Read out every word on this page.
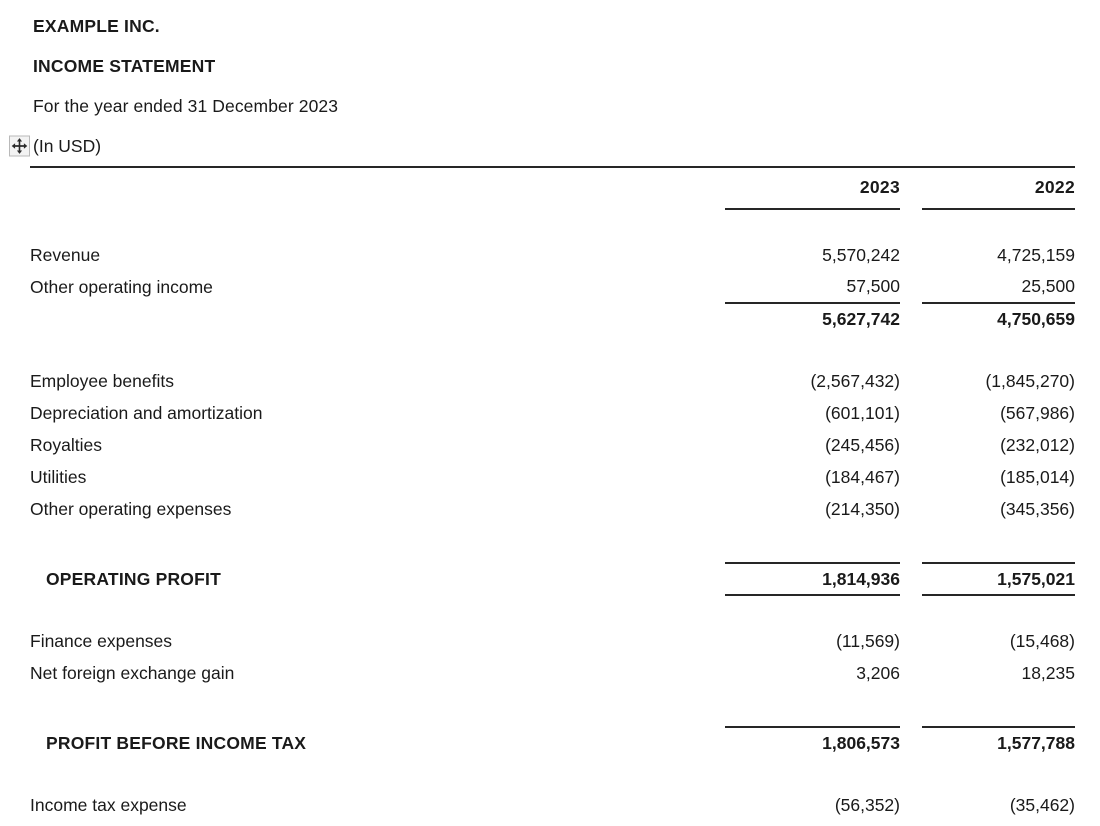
EXAMPLE INC.
INCOME STATEMENT
For the year ended 31 December 2023
(In USD)

	2023		2022

Revenue	5,570,242		4,725,159
Other operating income	57,500		25,500
	5,627,742		4,750,659

Employee benefits	(2,567,432)		(1,845,270)
Depreciation and amortization	(601,101)		(567,986)
Royalties	(245,456)		(232,012)
Utilities	(184,467)		(185,014)
Other operating expenses	(214,350)		(345,356)

OPERATING PROFIT	1,814,936		1,575,021

Finance expenses	(11,569)		(15,468)
Net foreign exchange gain	3,206		18,235

PROFIT BEFORE INCOME TAX	1,806,573		1,577,788

Income tax expense	(56,352)		(35,462)
